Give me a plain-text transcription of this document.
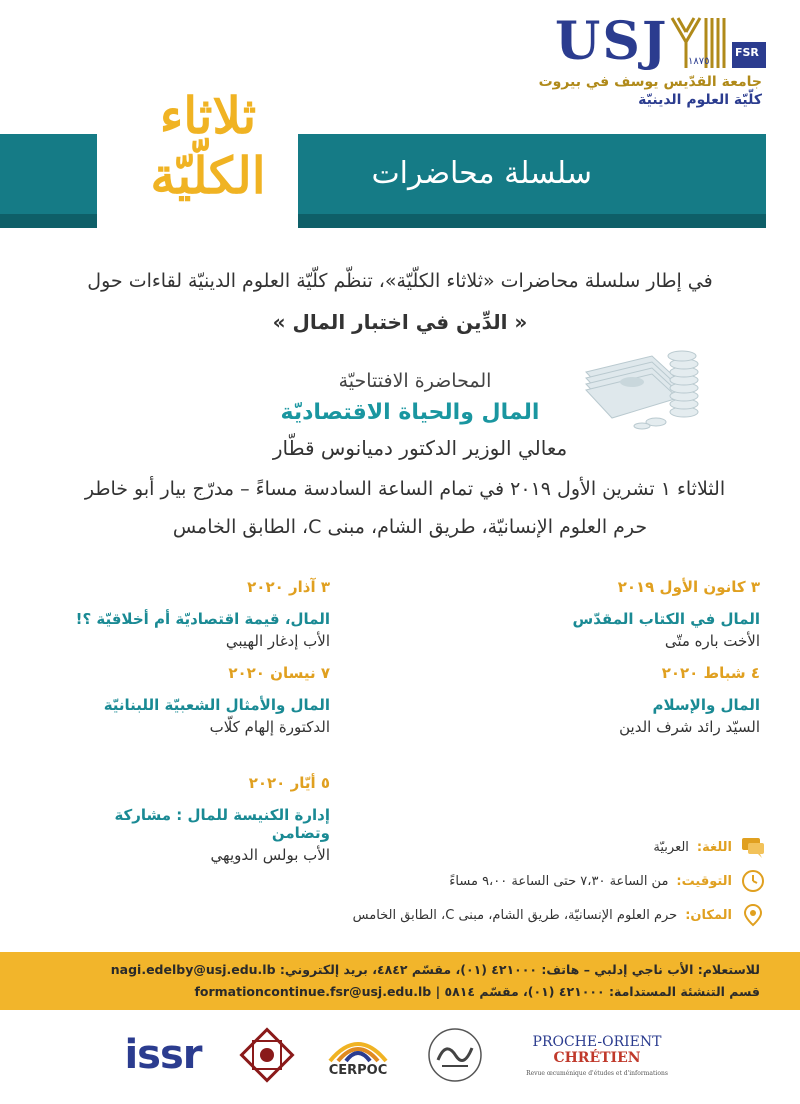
USJ ١٨٧٥
FSR
جامعة القدّيس يوسف في بيروت
كلّيّة العلوم الدينيّة
سلسلة محاضرات
ثلاثاء
الكلّيّة
في إطار سلسلة محاضرات «ثلاثاء الكلّيّة»، تنظّم كلّيّة العلوم الدينيّة لقاءات حول
« الدِّين في اختبار المال »
المحاضرة الافتتاحيّة
المال والحياة الاقتصاديّة
معالي الوزير الدكتور دميانوس قطّار
الثلاثاء ١ تشرين الأول ٢٠١٩ في تمام الساعة السادسة مساءً – مدرّج بيار أبو خاطر
حرم العلوم الإنسانيّة، طريق الشام، مبنى C، الطابق الخامس
٣ كانون الأول ٢٠١٩
المال في الكتاب المقدّس
الأخت باره متّى
٤ شباط ٢٠٢٠
المال والإسلام
السيّد رائد شرف الدين
٣ آذار ٢٠٢٠
المال، قيمة اقتصاديّة أم أخلاقيّة ؟!
الأب إدغار الهيبي
٧ نيسان ٢٠٢٠
المال والأمثال الشعبيّة اللبنانيّة
الدكتورة إلهام كلّاب
٥ أيّار ٢٠٢٠
إدارة الكنيسة للمال : مشاركة وتضامن
الأب بولس الدويهي	اللغة:
العربيّة
التوقيت:
من الساعة ٧،٣٠ حتى الساعة ٩،٠٠ مساءً
المكان:
حرم العلوم الإنسانيّة، طريق الشام، مبنى C، الطابق الخامس
للاستعلام: الأب ناجي إدلبي – هاتف: ٤٢١٠٠٠ (٠١)، مقسّم ٤٨٤٢، بريد إلكتروني: nagi.edelby@usj.edu.lb
قسم التنشئة المستدامة: ٤٢١٠٠٠ (٠١)، مقسّم ٥٨١٤ | formationcontinue.fsr@usj.edu.lb
issr	CERPOC
PROCHE-ORIENT
CHRÉTIEN
Revue œcuménique d'études et d'informations
